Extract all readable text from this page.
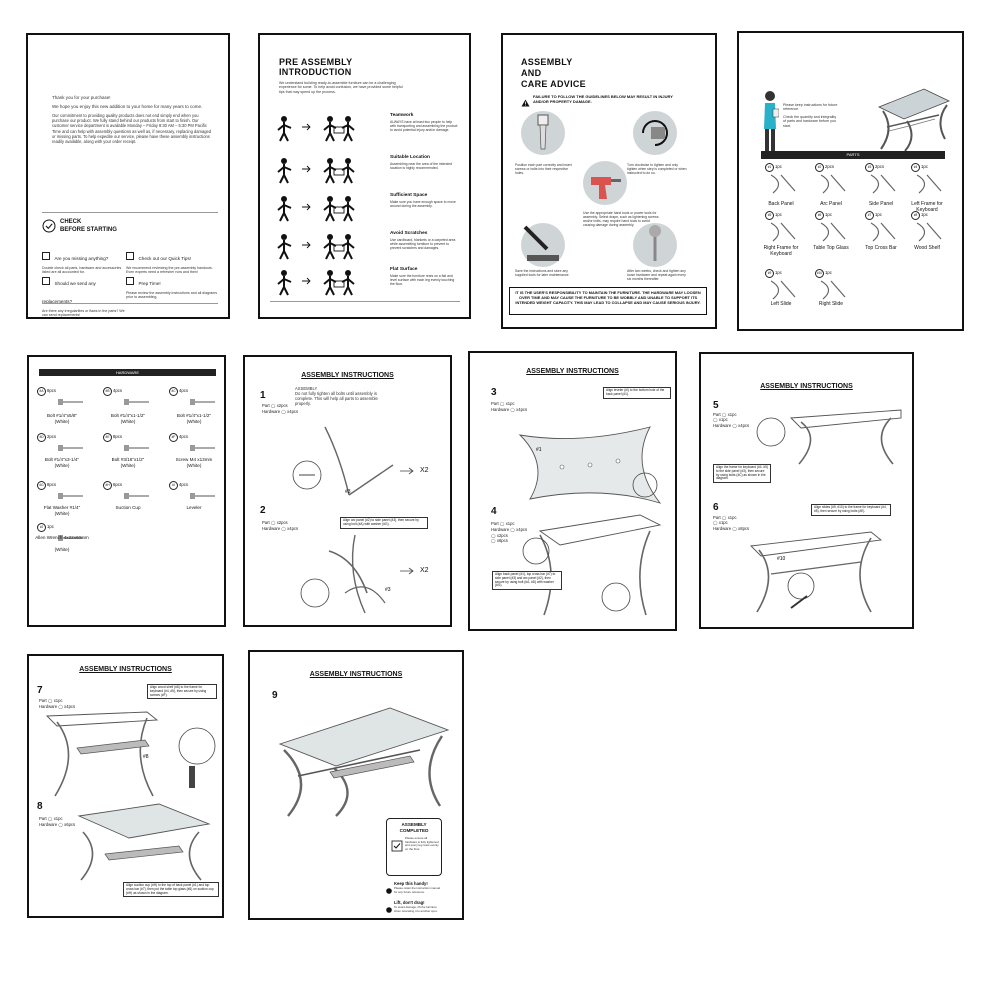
Thank you for your purchase!
We hope you enjoy this new addition to your home for many years to come.
Our commitment to providing quality products does not end simply end when you purchase our product. We fully stand behind our products from start to finish. Our customer service department is available Monday – Friday 8:30 AM – 5:30 PM Pacific Time and can help with assembly questions as well as, if necessary, replacing damaged or missing parts. To help expedite our service, please have these assembly instructions readily available, along with your order receipt.
CHECK
BEFORE STARTING
Are you missing anything?
Double check all parts, hardware and accessories listed are all accounted for.
Check out our Quick Tips!
We recommend reviewing the pre-assembly handouts. Even experts need a refresher now and then!
Should we send any replacements?
Are there any irregularities or flaws in the parts? We can send replacements!
Prep Time!
Please review the assembly instructions and all diagrams prior to assembling.
PRE ASSEMBLY
INTRODUCTION
We understand building ready-to-assemble furniture can be a challenging experience for some. To help avoid confusion, we have provided some helpful tips that may speed up the process.
Teamwork
ALWAYS have at least two people to help with transporting and assembling the product to avoid potential injury and/or damage.
Suitable Location
Assembling near the area of the intended location is highly recommended.
Sufficient Space
Make sure you have enough space to move around during the assembly.
Avoid Scratches
Use cardboard, blankets or a carpeted area while assembling furniture to prevent to prevent scratches and damages.
Flat Surface
Make sure the furniture rests on a flat and level surface with each leg evenly touching the floor.
ASSEMBLY
AND
CARE ADVICE
FAILURE TO FOLLOW THE GUIDELINES BELOW MAY RESULT IN INJURY AND/OR PROPERTY DAMAGE.
Position each part correctly and insert screws or bolts into their respective holes.
Turn clockwise to tighten and only tighten when step is completed or when instructed to do so.
Use the appropriate hand tools or power tools for assembly. Select drape, such as lightening screws and/or bolts, may require hand tools to avoid causing damage during assembly.
Save the instructions and store any supplied tools for later maintenance.
After two weeks, check and tighten any loose hardware and repeat again every six months thereafter.
IT IS THE USER'S RESPONSIBILITY TO MAINTAIN THE FURNITURE. THE HARDWARE MAY LOOSEN OVER TIME AND MAY CAUSE THE FURNITURE TO BE WOBBLY AND UNABLE TO SUPPORT ITS INTENDED WEIGHT CAPACITY. THIS MAY LEAD TO COLLAPSE AND MAY CAUSE SERIOUS INJURY.
Please keep instructions for future reference.
Check the quantity and integrality of parts and hardware before you start.
PARTS
#1 1pc
Back Panel
#2 2pcs
Arc Panel
#3 2pcs
Side Panel
#4 1pc
Left Frame for Keyboard
#5 1pc
Right Frame for Keyboard
#6 1pc
Table Top Glass
#7 1pc
Top Cross Bar
#8 1pc
Wood Shelf
#9 1pc
Left Slide
#10 1pc
Right Slide
HARDWARE
#A 8pcs
Bolt #1/4"x5/8"
(White)
#B 4pcs
Bolt #1/4"x1-1/2"
(White)
#C 4pcs
Bolt #1/4"x1-1/2"
(White)
#D 2pcs
Bolt #1/4"x3-1/4"
(White)
#E 8pcs
Bolt #3/16"x1/2"
(White)
#F 4pcs
Screw M4 x13mm
(White)
#G 8pcs
Flat Washer #1/4"
(White)
#H 6pcs
Suction Cup
#I 4pcs
Leveler
#J 1pc
Allen Wrench 4x22x60mm
(White)
ASSEMBLY INSTRUCTIONS
1
ASSEMBLY
Do not fully tighten all bolts until assembly is complete. This will help all parts to assemble properly.
Part ◯ x2pcs
Hardware ◯ x4pcs
#3
X2
2
Part ◯ x2pcs
Hardware ◯ x4pcs
Align arc panel (#2) to side panel (#3), then secure by using bolt (#A) with washer (#G).
#3
X2
ASSEMBLY INSTRUCTIONS
3
Part ◯ x1pc
Hardware ◯ x4pcs
Align leveler (#I) to the bottom hole of the back panel (#1).
#1
4
Part ◯ x1pc
Hardware ◯ x4pcs
◯ x2pcs
◯ x6pcs
Align back panel (#1), top cross bar (#7) to side panel (#3) and arc panel (#2), then secure by using bolt (#A, #D) with washer (#G).
ASSEMBLY INSTRUCTIONS
5
Part ◯ x1pc
◯ x1pc
Hardware ◯ x4pcs
Align the frame for keyboard (#4, #5) to the side panel (#3), then secure by using bolts (#C) as shown in the diagram.
6
Part ◯ x1pc
◯ x1pc
Hardware ◯ x8pcs
Align slides (#9, #10) to the frame for keyboard (#4, #5), then secure by using bolts (#E).
#10
ASSEMBLY INSTRUCTIONS
7
Part ◯ x1pc
Hardware ◯ x4pcs
Align wood shelf (#8) to the frame for keyboard (#4, #5), then secure by using screws (#F).
#8
8
Part ◯ x1pc
Hardware ◯ x6pcs
Align suction cup (#H) to the top of back panel (#1) and top cross bar (#7), then put the table top glass (#6) on suction cup (#H) as shown in the diagram.
ASSEMBLY INSTRUCTIONS
9
ASSEMBLY COMPLETED
Please ensure all hardware is fully tightened and every leg rests evenly on the floor.
Keep this handy!
Please retain the instruction manual for any future reference.
Lift, don't drag!
To avoid damage, lift the furniture when relocating it to another spot.
